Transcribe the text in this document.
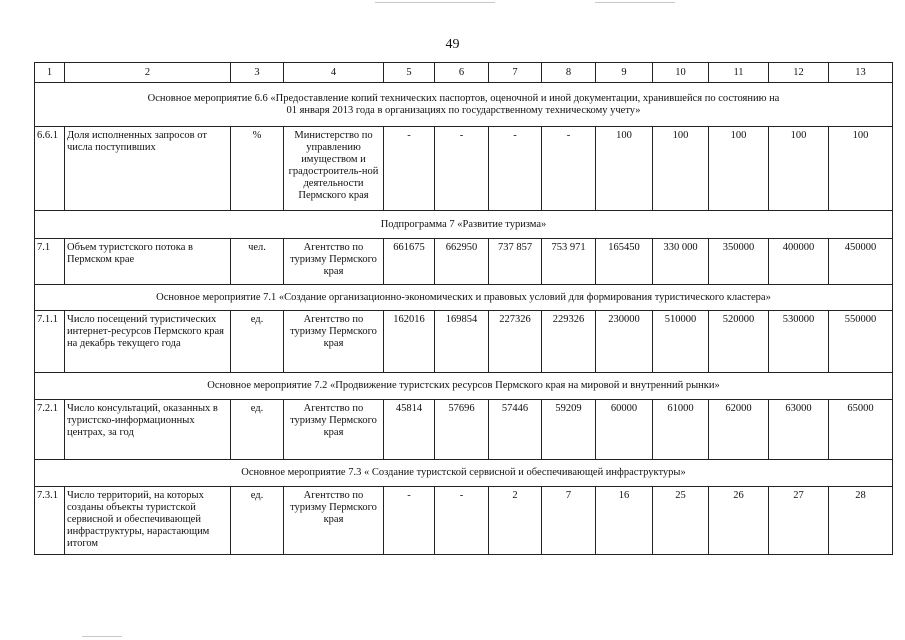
49
1	2	3	4	5	6	7	8	9	10	11	12	13
Основное мероприятие 6.6 «Предоставление копий технических паспортов, оценочной и иной документации, хранившейся по состоянию на 01 января 2013 года в организациях по государственному техническому учету»												
6.6.1	Доля исполненных запросов от числа поступивших	%	Министерство по управлению имуществом и градостроитель-ной деятельности Пермского края	-	-	-	-	100	100	100	100	100
Подпрограмма 7 «Развитие туризма»												
7.1	Объем туристского потока в Пермском крае	чел.	Агентство по туризму Пермского края	661675	662950	737 857	753 971	165450	330 000	350000	400000	450000
Основное мероприятие 7.1 «Создание организационно-экономических и правовых условий для формирования туристического кластера»												
7.1.1	Число посещений туристических интернет-ресурсов Пермского края на декабрь текущего года	ед.	Агентство по туризму Пермского края	162016	169854	227326	229326	230000	510000	520000	530000	550000
Основное мероприятие 7.2 «Продвижение туристских ресурсов Пермского края на мировой и внутренний рынки»												
7.2.1	Число консультаций, оказанных в туристско-информационных центрах, за год	ед.	Агентство по туризму Пермского края	45814	57696	57446	59209	60000	61000	62000	63000	65000
Основное мероприятие 7.3 « Создание туристской сервисной и обеспечивающей инфраструктуры»												
7.3.1	Число территорий, на которых созданы объекты туристской сервисной и обеспечивающей инфраструктуры, нарастающим итогом	ед.	Агентство по туризму Пермского края	-	-	2	7	16	25	26	27	28
